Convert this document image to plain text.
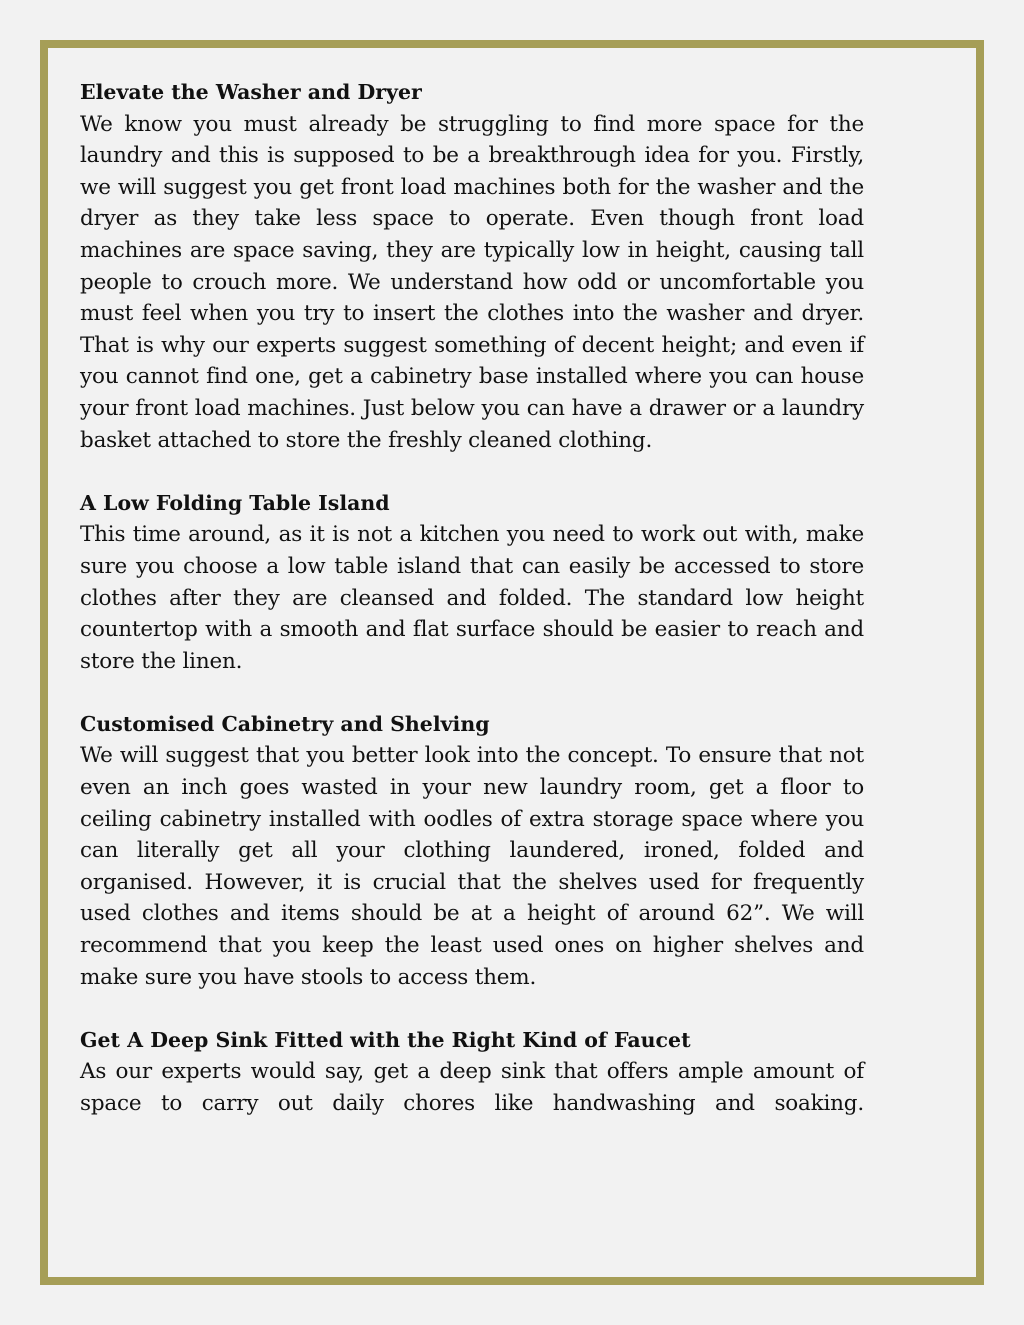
Elevate the Washer and Dryer

We know you must already be struggling to find more space for the laundry and this is supposed to be a breakthrough idea for you. Firstly, we will suggest you get front load machines both for the washer and the dryer as they take less space to operate. Even though front load machines are space saving, they are typically low in height, causing tall people to crouch more. We understand how odd or uncomfortable you must feel when you try to insert the clothes into the washer and dryer. That is why our experts suggest something of decent height; and even if you cannot find one, get a cabinetry base installed where you can house your front load machines. Just below you can have a drawer or a laundry basket attached to store the freshly cleaned clothing.

A Low Folding Table Island

This time around, as it is not a kitchen you need to work out with, make sure you choose a low table island that can easily be accessed to store clothes after they are cleansed and folded. The standard low height countertop with a smooth and flat surface should be easier to reach and store the linen.

Customised Cabinetry and Shelving

We will suggest that you better look into the concept. To ensure that not even an inch goes wasted in your new laundry room, get a floor to ceiling cabinetry installed with oodles of extra storage space where you can literally get all your clothing laundered, ironed, folded and organised. However, it is crucial that the shelves used for frequently used clothes and items should be at a height of around 62”. We will recommend that you keep the least used ones on higher shelves and make sure you have stools to access them.

Get A Deep Sink Fitted with the Right Kind of Faucet

As our experts would say, get a deep sink that offers ample amount of space to carry out daily chores like handwashing and soaking.
